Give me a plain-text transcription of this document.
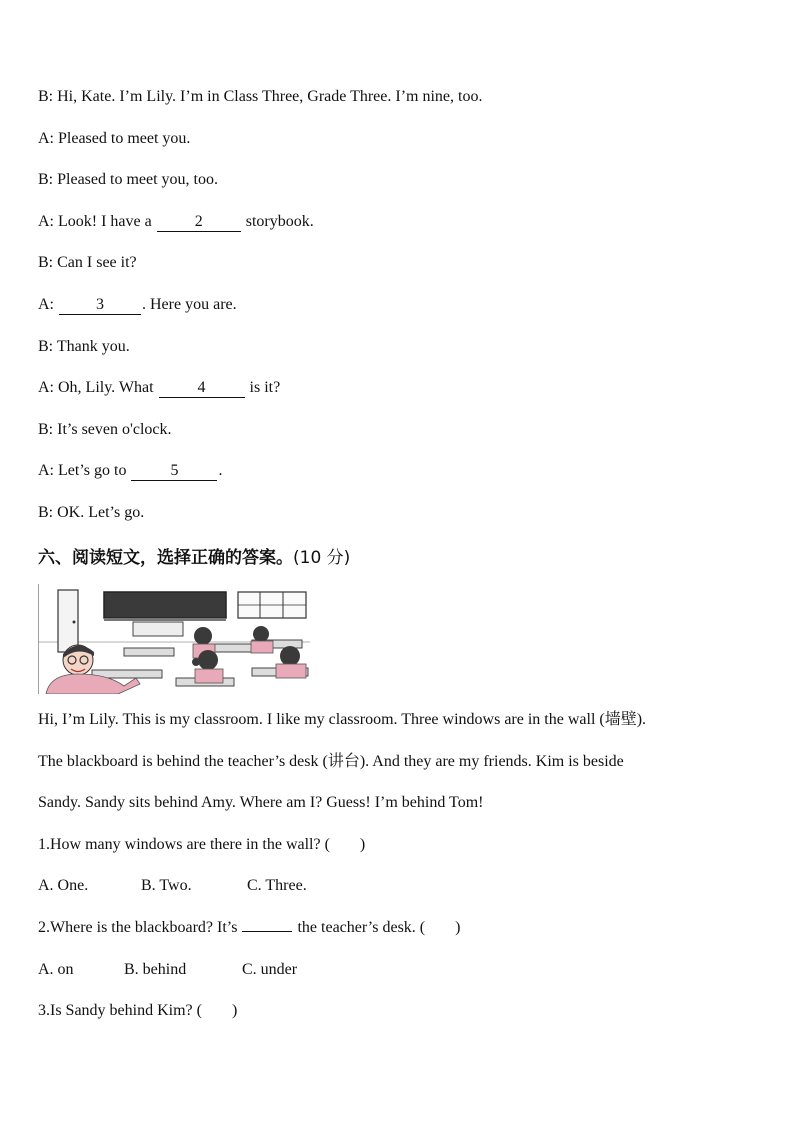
B: Hi, Kate. I’m Lily. I’m in Class Three, Grade Three. I’m nine, too.
A: Pleased to meet you.
B: Pleased to meet you, too.
A: Look! I have a 2 storybook.
B: Can I see it?
A: 3 . Here you are.
B: Thank you.
A: Oh, Lily. What	4	is it?
B: It’s seven o'clock.
A: Let’s go to	5	.
B: OK. Let’s go.
六、阅读短文，选择正确的答案。(10 分)
Hi, I’m Lily. This is my classroom. I like my classroom. Three windows are in the wall (墙壁).
The blackboard is behind the teacher’s desk (讲台). And they are my friends. Kim is beside
Sandy. Sandy sits behind Amy. Where am I? Guess! I’m behind Tom!
1.How many windows are there in the wall? ( )
A. One.	B. Two.	C. Three.
2.Where is the blackboard? It’s	the teacher’s desk. ( )
A. on	B. behind	C. under
3.Is Sandy behind Kim? ( )
